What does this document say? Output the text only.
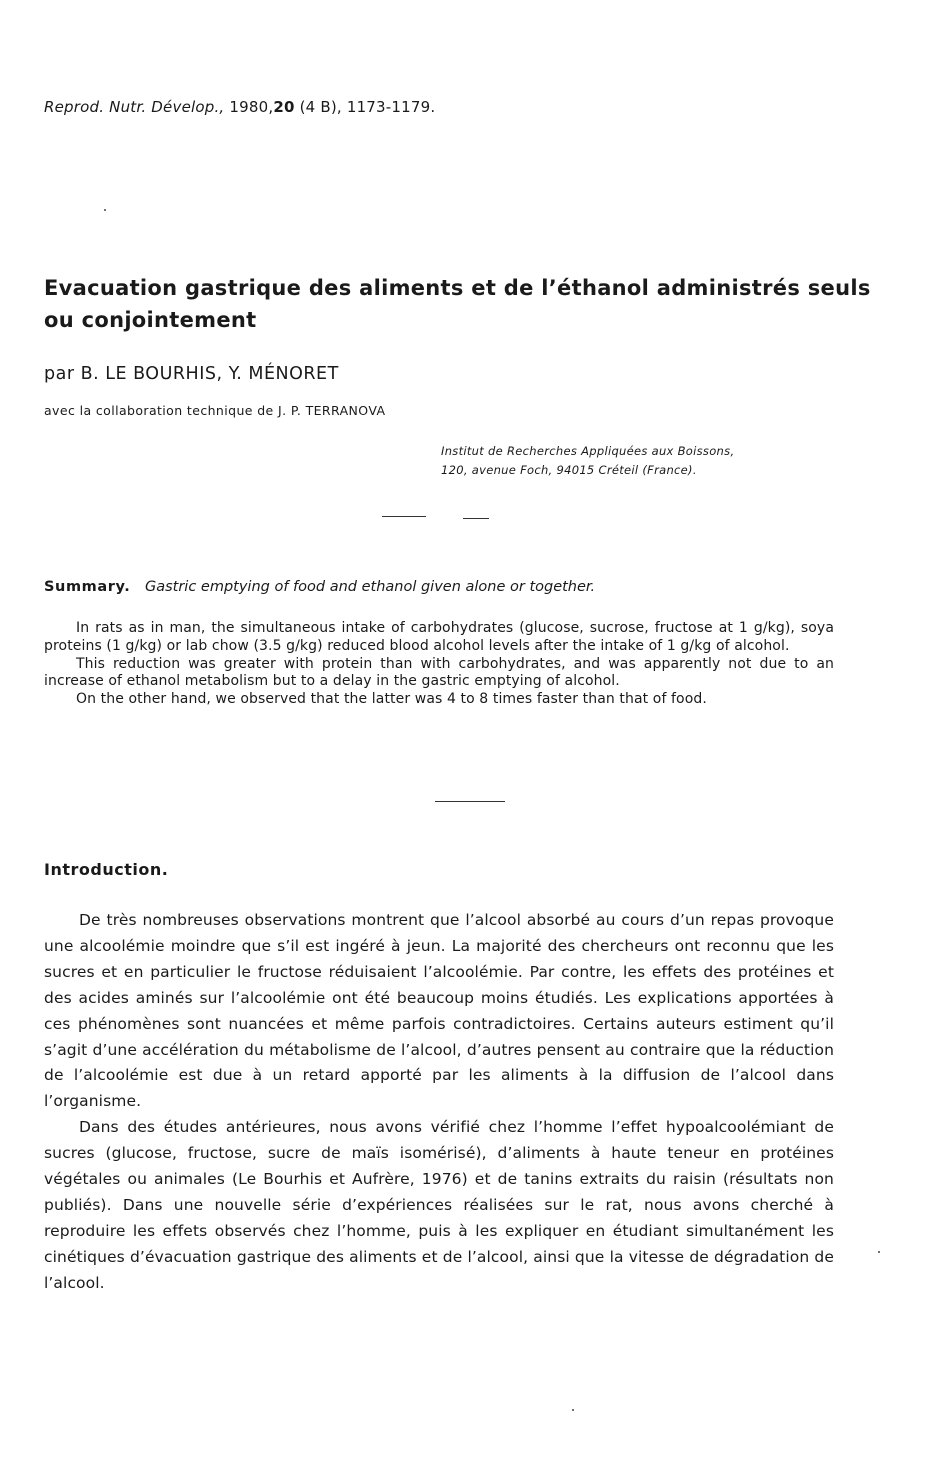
Reprod. Nutr. Dévelop., 1980,20 (4 B), 1173-1179.
Evacuation gastrique des aliments et de l’éthanol administrés seuls ou conjointement
par B. LE BOURHIS, Y. MÉNORET
avec la collaboration technique de J. P. TERRANOVA
Institut de Recherches Appliquées aux Boissons,
120, avenue Foch, 94015 Créteil (France).
Summary. Gastric emptying of food and ethanol given alone or together.

In rats as in man, the simultaneous intake of carbohydrates (glucose, sucrose, fructose at 1 g/kg), soya proteins (1 g/kg) or lab chow (3.5 g/kg) reduced blood alcohol levels after the intake of 1 g/kg of alcohol.

This reduction was greater with protein than with carbohydrates, and was apparently not due to an increase of ethanol metabolism but to a delay in the gastric emptying of alcohol.

On the other hand, we observed that the latter was 4 to 8 times faster than that of food.

Introduction.

De très nombreuses observations montrent que l’alcool absorbé au cours d’un repas provoque une alcoolémie moindre que s’il est ingéré à jeun. La majorité des chercheurs ont reconnu que les sucres et en particulier le fructose réduisaient l’alcoolémie. Par contre, les effets des protéines et des acides aminés sur l’alcoolémie ont été beaucoup moins étudiés. Les explications apportées à ces phénomènes sont nuancées et même parfois contradictoires. Certains auteurs estiment qu’il s’agit d’une accélération du métabolisme de l’alcool, d’autres pensent au contraire que la réduction de l’alcoolémie est due à un retard apporté par les aliments à la diffusion de l’alcool dans l’organisme.

Dans des études antérieures, nous avons vérifié chez l’homme l’effet hypoalcoolémiant de sucres (glucose, fructose, sucre de maïs isomérisé), d’aliments à haute teneur en protéines végétales ou animales (Le Bourhis et Aufrère, 1976) et de tanins extraits du raisin (résultats non publiés). Dans une nouvelle série d’expériences réalisées sur le rat, nous avons cherché à reproduire les effets observés chez l’homme, puis à les expliquer en étudiant simultanément les cinétiques d’évacuation gastrique des aliments et de l’alcool, ainsi que la vitesse de dégradation de l’alcool.
